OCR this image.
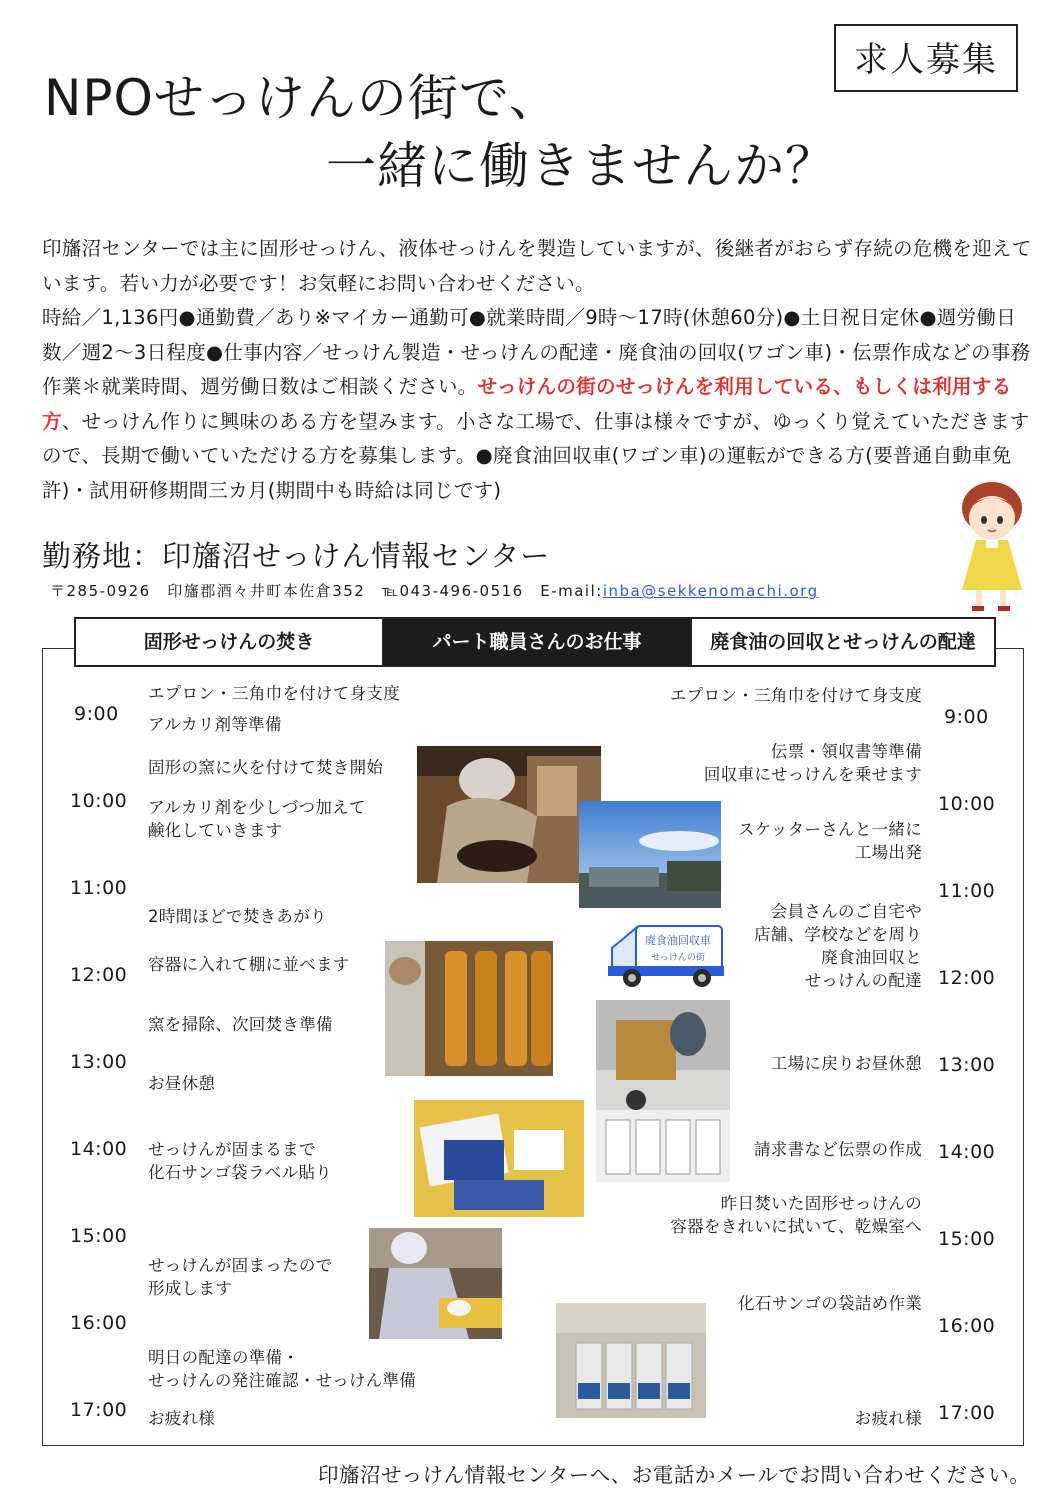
求人募集
NPOせっけんの街で、
一緒に働きませんか？

印旛沼センターでは主に固形せっけん、液体せっけんを製造していますが、後継者がおらず存続の危機を迎えています。若い力が必要です！お気軽にお問い合わせください。
時給／1,136円●通勤費／あり※マイカー通勤可●就業時間／9時～17時(休憩60分)●土日祝日定休●週労働日数／週2～3日程度●仕事内容／せっけん製造・せっけんの配達・廃食油の回収(ワゴン車)・伝票作成などの事務作業＊就業時間、週労働日数はご相談ください。せっけんの街のせっけんを利用している、もしくは利用する方、せっけん作りに興味のある方を望みます。小さな工場で、仕事は様々ですが、ゆっくり覚えていただきますので、長期で働いていただける方を募集します。●廃食油回収車(ワゴン車)の運転ができる方(要普通自動車免許)・試用研修期間三カ月(期間中も時給は同じです)

勤務地：印旛沼せっけん情報センター
〒285-0926　印旛郡酒々井町本佐倉352　℡043-496-0516　E-mail:inba@sekkenomachi.org
固形せっけんの焚き	パート職員さんのお仕事	廃食油の回収とせっけんの配達
9:00
10:00
11:00
12:00
13:00
14:00
15:00
16:00
17:00
9:00
10:00
11:00
12:00
13:00
14:00
15:00
16:00
17:00
エプロン・三角巾を付けて身支度
アルカリ剤等準備
固形の窯に火を付けて焚き開始
アルカリ剤を少しづつ加えて
鹸化していきます
2時間ほどで焚きあがり
容器に入れて棚に並べます
窯を掃除、次回焚き準備
お昼休憩
せっけんが固まるまで
化石サンゴ袋ラベル貼り
せっけんが固まったので
形成します
明日の配達の準備・
せっけんの発注確認・せっけん準備
お疲れ様
エプロン・三角巾を付けて身支度
伝票・領収書等準備
回収車にせっけんを乗せます
スケッターさんと一緒に
工場出発
会員さんのご自宅や
店舗、学校などを周り
廃食油回収と
せっけんの配達
工場に戻りお昼休憩
請求書など伝票の作成
昨日焚いた固形せっけんの
容器をきれいに拭いて、乾燥室へ
化石サンゴの袋詰め作業
お疲れ様
廃食油回収車
せっけんの街
印旛沼せっけん情報センターへ、お電話かメールでお問い合わせください。
